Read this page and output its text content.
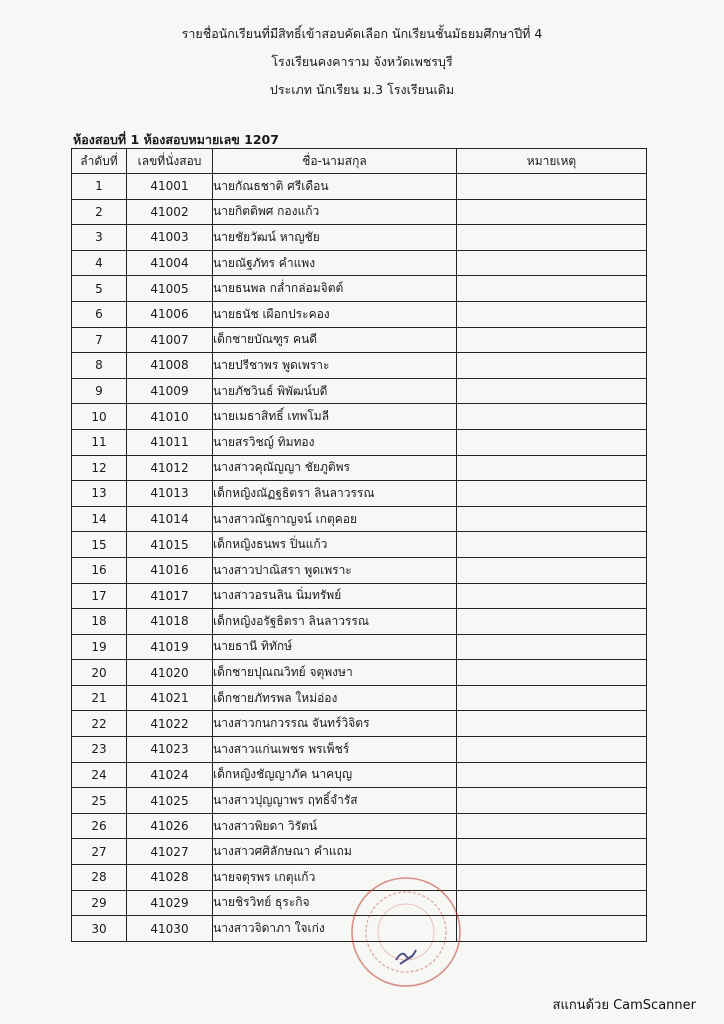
รายชื่อนักเรียนที่มีสิทธิ์เข้าสอบคัดเลือก นักเรียนชั้นมัธยมศึกษาปีที่ 4
โรงเรียนคงคาราม จังหวัดเพชรบุรี
ประเภท นักเรียน ม.3 โรงเรียนเดิม
ห้องสอบที่ 1 ห้องสอบหมายเลข 1207
ลำดับที่	เลขที่นั่งสอบ	ชื่อ-นามสกุล	หมายเหตุ
1	41001	นายกัณธชาติ ศรีเดือน	
2	41002	นายกิตติพศ กองแก้ว	
3	41003	นายชัยวัฒน์ หาญชัย	
4	41004	นายณัฐภัทร คำแพง	
5	41005	นายธนพล กล่ำกล่อมจิตต์	
6	41006	นายธนัช เผือกประคอง	
7	41007	เด็กชายบัณฑูร คนดี	
8	41008	นายปรีชาพร พูดเพราะ	
9	41009	นายภัชวินธ์ พิพัฒน์บดี	
10	41010	นายเมธาสิทธิ์ เทพโมลี	
11	41011	นายสรวิชญ์ ทิมทอง	
12	41012	นางสาวคุณัญญา ชัยภูติพร	
13	41013	เด็กหญิงณัฏฐธิตรา ลินลาวรรณ	
14	41014	นางสาวณัฐกาญจน์ เกตุคอย	
15	41015	เด็กหญิงธนพร ปิ่นแก้ว	
16	41016	นางสาวปาณิสรา พูดเพราะ	
17	41017	นางสาวอรนลิน นิ่มทรัพย์	
18	41018	เด็กหญิงอรัฐธิตรา ลินลาวรรณ	
19	41019	นายธานี ทิทักษ์	
20	41020	เด็กชายปุณณวิทย์ จตุพงษา	
21	41021	เด็กชายภัทรพล ใหม่อ่อง	
22	41022	นางสาวกนกวรรณ จันทร์วิจิตร	
23	41023	นางสาวแก่นเพชร พรเพ็ชร์	
24	41024	เด็กหญิงชัญญาภัค นาคบุญ	
25	41025	นางสาวปุญญาพร ฤทธิ์จำรัส	
26	41026	นางสาวพิยดา วิรัตน์	
27	41027	นางสาวศศิลักษณา คำแถม	
28	41028	นายจตุรพร เกตุแก้ว	
29	41029	นายชิรวิทย์ ธุระกิจ	
30	41030	นางสาวจิดาภา ใจเก่ง	
สแกนด้วย CamScanner
